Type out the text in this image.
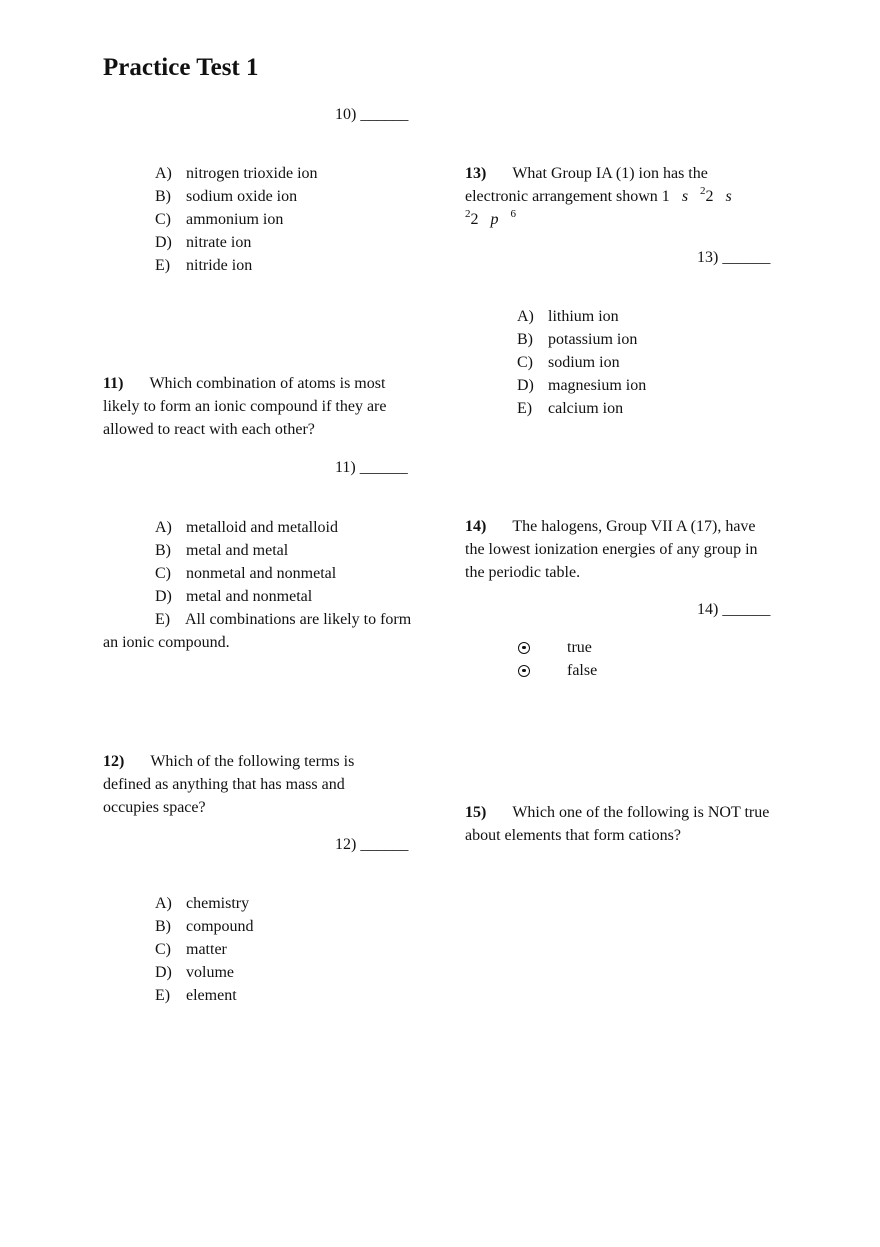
Practice Test 1
10) ______
A) nitrogen trioxide ion
B) sodium oxide ion
C) ammonium ion
D) nitrate ion
E) nitride ion
11) Which combination of atoms is most likely to form an ionic compound if they are allowed to react with each other?
11) ______
A) metalloid and metalloid
B) metal and metal
C) nonmetal and nonmetal
D) metal and nonmetal
E) All combinations are likely to form an ionic compound.
12) Which of the following terms is defined as anything that has mass and occupies space?
12) ______
A) chemistry
B) compound
C) matter
D) volume
E) element
13) What Group IA (1) ion has the
electronic arrangement shown 1 s $^2$2 s
$^2$2 p $^6$
13) ______
A) lithium ion
B) potassium ion
C) sodium ion
D) magnesium ion
E) calcium ion
14) The halogens, Group VII A (17), have the lowest ionization energies of any group in the periodic table.
14) ______
true
false
15) Which one of the following is NOT true about elements that form cations?
